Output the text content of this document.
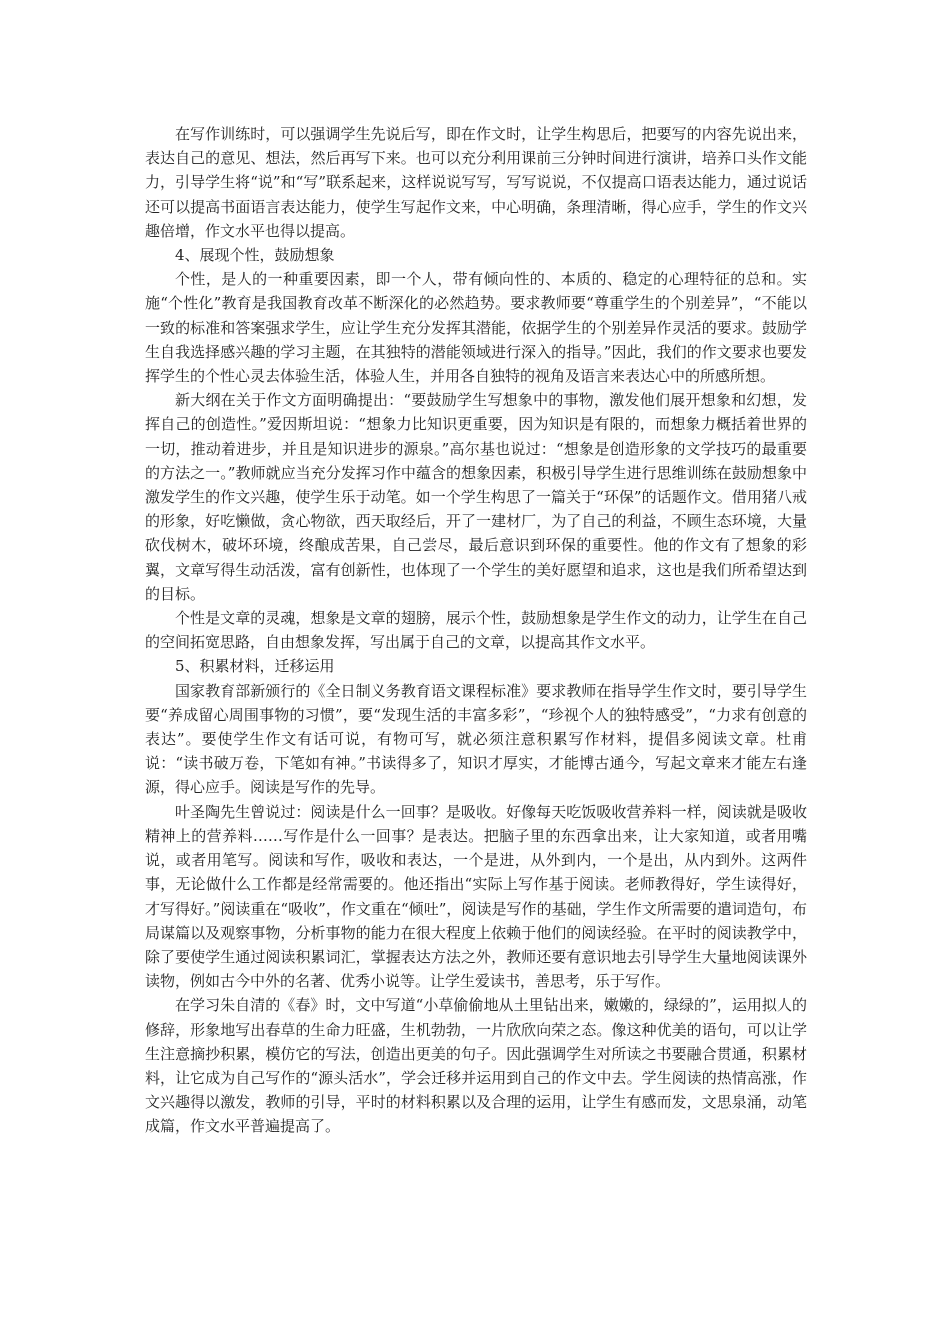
在写作训练时，可以强调学生先说后写，即在作文时，让学生构思后，把要写的内容先说出来，表达自己的意见、想法，然后再写下来。也可以充分利用课前三分钟时间进行演讲，培养口头作文能力，引导学生将“说”和“写”联系起来，这样说说写写，写写说说，不仅提高口语表达能力，通过说话还可以提高书面语言表达能力，使学生写起作文来，中心明确，条理清晰，得心应手，学生的作文兴趣倍增，作文水平也得以提高。

4、展现个性，鼓励想象

个性，是人的一种重要因素，即一个人，带有倾向性的、本质的、稳定的心理特征的总和。实施“个性化”教育是我国教育改革不断深化的必然趋势。要求教师要“尊重学生的个别差异”，“不能以一致的标准和答案强求学生，应让学生充分发挥其潜能，依据学生的个别差异作灵活的要求。鼓励学生自我选择感兴趣的学习主题，在其独特的潜能领域进行深入的指导。”因此，我们的作文要求也要发挥学生的个性心灵去体验生活，体验人生，并用各自独特的视角及语言来表达心中的所感所想。

新大纲在关于作文方面明确提出：“要鼓励学生写想象中的事物，激发他们展开想象和幻想，发挥自己的创造性。”爱因斯坦说：“想象力比知识更重要，因为知识是有限的，而想象力概括着世界的一切，推动着进步，并且是知识进步的源泉。”高尔基也说过：“想象是创造形象的文学技巧的最重要的方法之一。”教师就应当充分发挥习作中蕴含的想象因素，积极引导学生进行思维训练在鼓励想象中激发学生的作文兴趣，使学生乐于动笔。如一个学生构思了一篇关于“环保”的话题作文。借用猪八戒的形象，好吃懒做，贪心物欲，西天取经后，开了一建材厂，为了自己的利益，不顾生态环境，大量砍伐树木，破坏环境，终酿成苦果，自己尝尽，最后意识到环保的重要性。他的作文有了想象的彩翼，文章写得生动活泼，富有创新性，也体现了一个学生的美好愿望和追求，这也是我们所希望达到的目标。

个性是文章的灵魂，想象是文章的翅膀，展示个性，鼓励想象是学生作文的动力，让学生在自己的空间拓宽思路，自由想象发挥，写出属于自己的文章，以提高其作文水平。

5、积累材料，迁移运用

国家教育部新颁行的《全日制义务教育语文课程标准》要求教师在指导学生作文时，要引导学生要“养成留心周围事物的习惯”，要“发现生活的丰富多彩”，“珍视个人的独特感受”，“力求有创意的表达”。要使学生作文有话可说，有物可写，就必须注意积累写作材料，提倡多阅读文章。杜甫说：“读书破万卷，下笔如有神。”书读得多了，知识才厚实，才能博古通今，写起文章来才能左右逢源，得心应手。阅读是写作的先导。

叶圣陶先生曾说过：阅读是什么一回事？是吸收。好像每天吃饭吸收营养料一样，阅读就是吸收精神上的营养料……写作是什么一回事？是表达。把脑子里的东西拿出来，让大家知道，或者用嘴说，或者用笔写。阅读和写作，吸收和表达，一个是进，从外到内，一个是出，从内到外。这两件事，无论做什么工作都是经常需要的。他还指出“实际上写作基于阅读。老师教得好，学生读得好，才写得好。”阅读重在“吸收”，作文重在“倾吐”，阅读是写作的基础，学生作文所需要的遣词造句，布局谋篇以及观察事物，分析事物的能力在很大程度上依赖于他们的阅读经验。在平时的阅读教学中，除了要使学生通过阅读积累词汇，掌握表达方法之外，教师还要有意识地去引导学生大量地阅读课外读物，例如古今中外的名著、优秀小说等。让学生爱读书，善思考，乐于写作。

在学习朱自清的《春》时，文中写道“小草偷偷地从土里钻出来，嫩嫩的，绿绿的”，运用拟人的修辞，形象地写出春草的生命力旺盛，生机勃勃，一片欣欣向荣之态。像这种优美的语句，可以让学生注意摘抄积累，模仿它的写法，创造出更美的句子。因此强调学生对所读之书要融合贯通，积累材料，让它成为自己写作的“源头活水”，学会迁移并运用到自己的作文中去。学生阅读的热情高涨，作文兴趣得以激发，教师的引导，平时的材料积累以及合理的运用，让学生有感而发，文思泉涌，动笔成篇，作文水平普遍提高了。
